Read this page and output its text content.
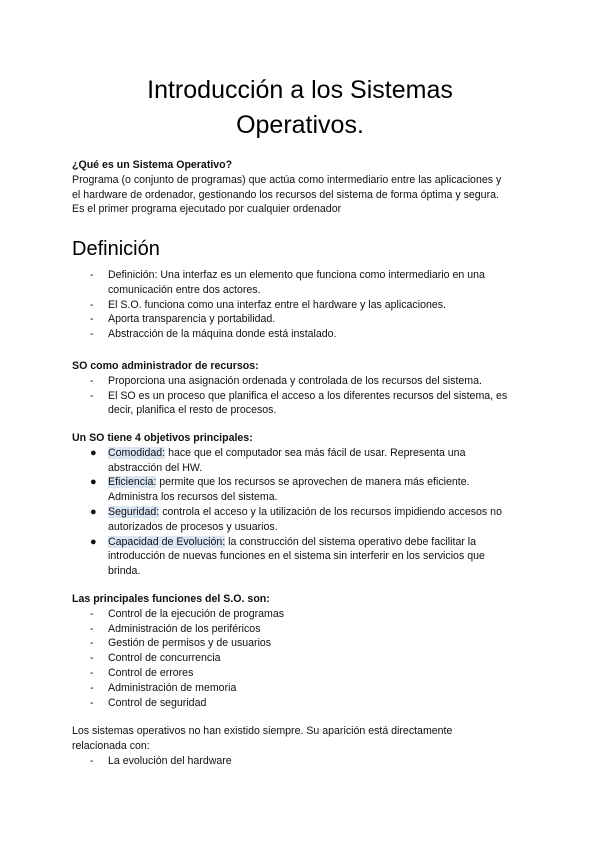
Introducción a los Sistemas
Operativos.
¿Qué es un Sistema Operativo?
Programa (o conjunto de programas) que actúa como intermediario entre las aplicaciones y
el hardware de ordenador, gestionando los recursos del sistema de forma óptima y segura.
Es el primer programa ejecutado por cualquier ordenador
Definición
- Definición: Una interfaz es un elemento que funciona como intermediario en una
comunicación entre dos actores.
- El S.O. funciona como una interfaz entre el hardware y las aplicaciones.
- Aporta transparencia y portabilidad.
- Abstracción de la máquina donde está instalado.
SO como administrador de recursos:
- Proporciona una asignación ordenada y controlada de los recursos del sistema.
- El SO es un proceso que planifica el acceso a los diferentes recursos del sistema, es
decir, planifica el resto de procesos.
Un SO tiene 4 objetivos principales:
● Comodidad: hace que el computador sea más fácil de usar. Representa una
abstracción del HW.
● Eficiencia: permite que los recursos se aprovechen de manera más eficiente.
Administra los recursos del sistema.
● Seguridad: controla el acceso y la utilización de los recursos impidiendo accesos no
autorizados de procesos y usuarios.
● Capacidad de Evolución: la construcción del sistema operativo debe facilitar la
introducción de nuevas funciones en el sistema sin interferir en los servicios que
brinda.
Las principales funciones del S.O. son:
- Control de la ejecución de programas
- Administración de los periféricos
- Gestión de permisos y de usuarios
- Control de concurrencia
- Control de errores
- Administración de memoria
- Control de seguridad
Los sistemas operativos no han existido siempre. Su aparición está directamente
relacionada con:
- La evolución del hardware
